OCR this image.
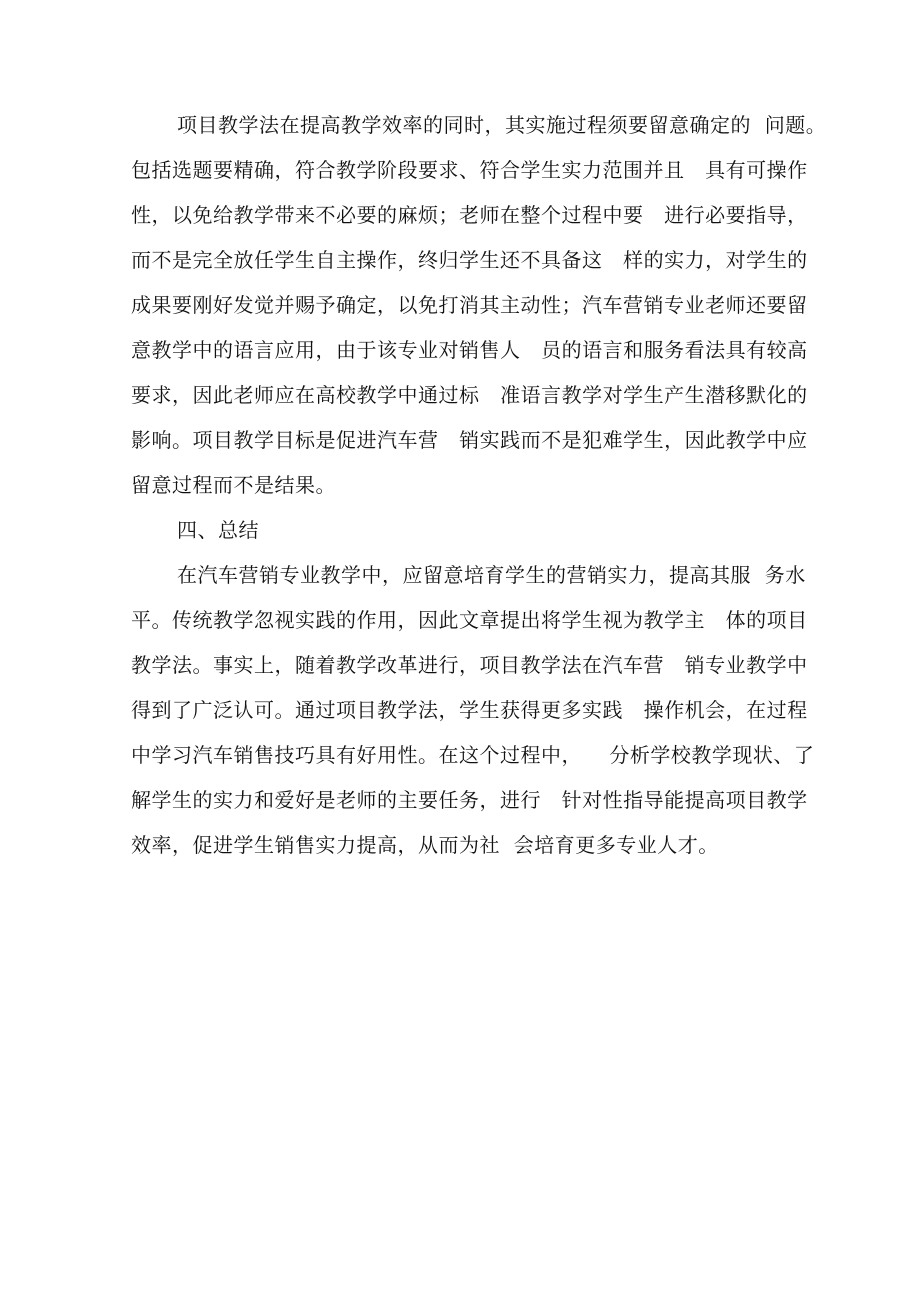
项目教学法在提高教学效率的同时，其实施过程须要留意确定的  问题。
包括选题要精确，符合教学阶段要求、符合学生实力范围并且   具有可操作
性，以免给教学带来不必要的麻烦；老师在整个过程中要   进行必要指导，
而不是完全放任学生自主操作，终归学生还不具备这   样的实力，对学生的
成果要刚好发觉并赐予确定，以免打消其主动性；汽车营销专业老师还要留
意教学中的语言应用，由于该专业对销售人   员的语言和服务看法具有较高
要求，因此老师应在高校教学中通过标   准语言教学对学生产生潜移默化的
影响。项目教学目标是促进汽车营   销实践而不是犯难学生，因此教学中应
留意过程而不是结果。
四、总结
在汽车营销专业教学中，应留意培育学生的营销实力，提高其服  务水
平。传统教学忽视实践的作用，因此文章提出将学生视为教学主   体的项目
教学法。事实上，随着教学改革进行，项目教学法在汽车营   销专业教学中
得到了广泛认可。通过项目教学法，学生获得更多实践   操作机会，在过程
中学习汽车销售技巧具有好用性。在这个过程中，    分析学校教学现状、了
解学生的实力和爱好是老师的主要任务，进行   针对性指导能提高项目教学
效率，促进学生销售实力提高，从而为社  会培育更多专业人才。
